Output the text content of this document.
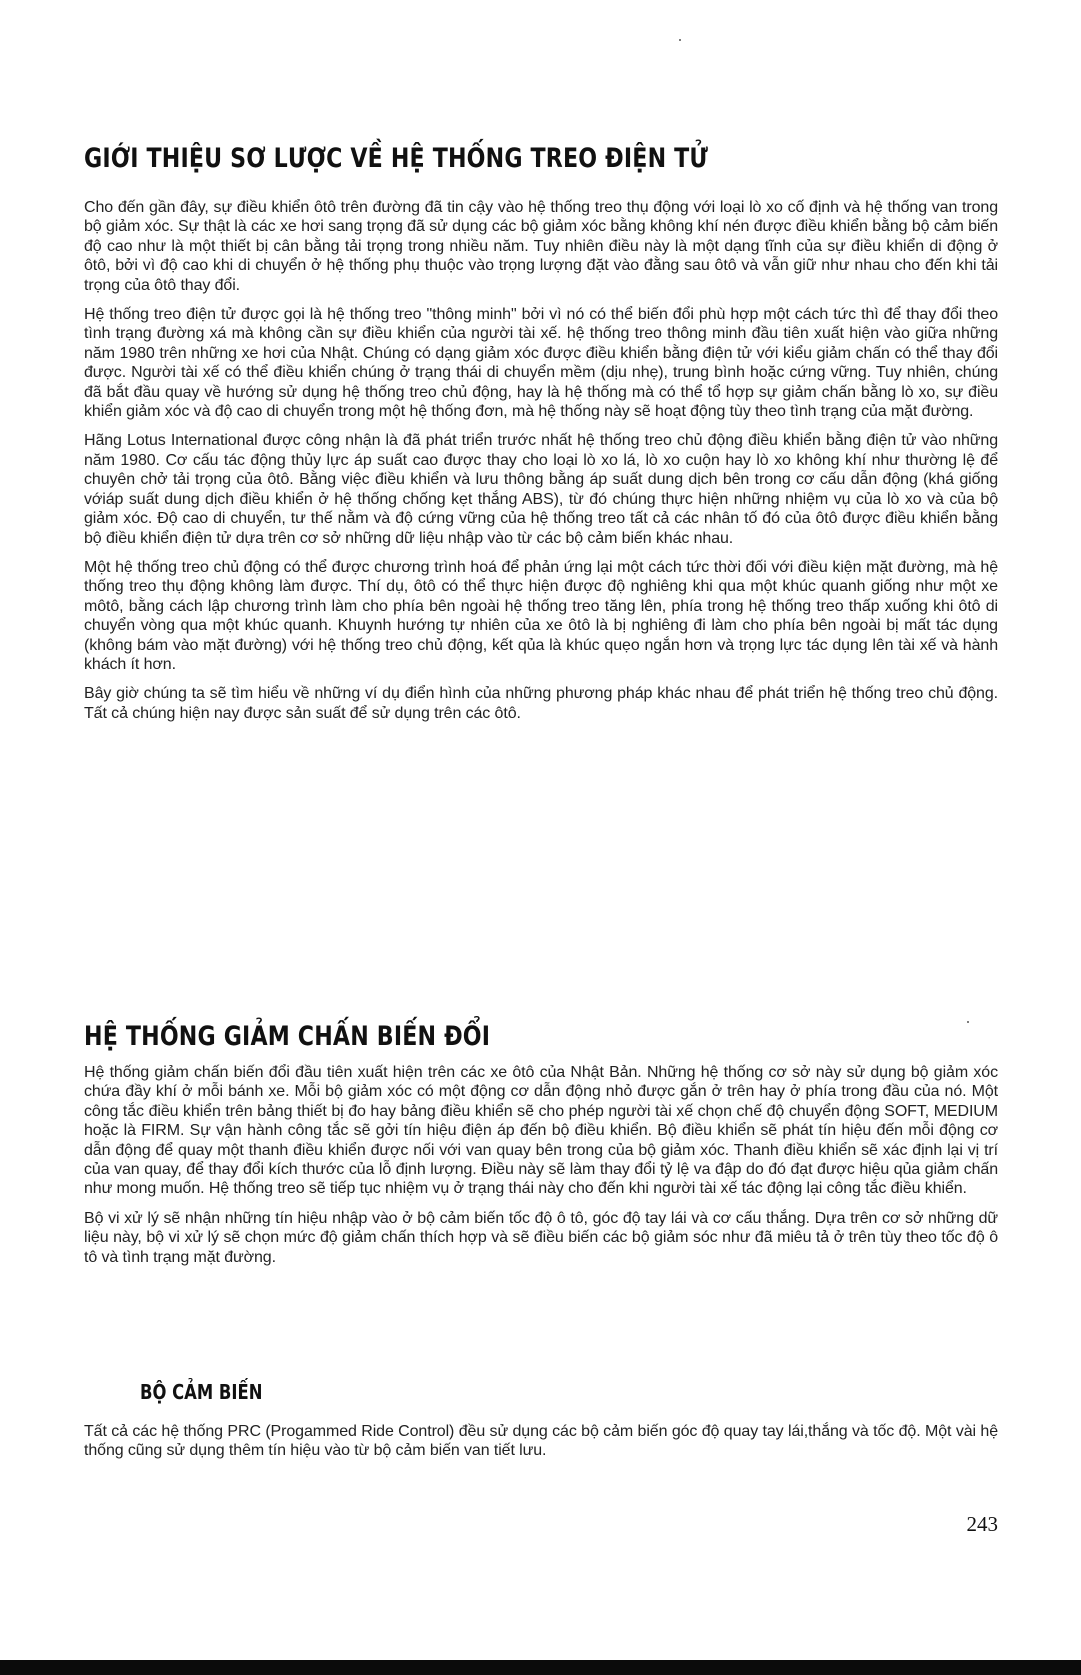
GIỚI THIỆU SƠ LƯỢC VỀ HỆ THỐNG TREO ĐIỆN TỬ

Cho đến gần đây, sự điều khiển ôtô trên đường đã tin cậy vào hệ thống treo thụ động với loại lò xo cố định và hệ thống van trong bộ giảm xóc. Sự thật là các xe hơi sang trọng đã sử dụng các bộ giảm xóc bằng không khí nén được điều khiển bằng bộ cảm biến độ cao như là một thiết bị cân bằng tải trọng trong nhiều năm. Tuy nhiên điều này là một dạng tĩnh của sự điều khiển di động ở ôtô, bởi vì độ cao khi di chuyển ở hệ thống phụ thuộc vào trọng lượng đặt vào đằng sau ôtô và vẫn giữ như nhau cho đến khi tải trọng của ôtô thay đổi.

Hệ thống treo điện tử được gọi là hệ thống treo "thông minh" bởi vì nó có thể biến đổi phù hợp một cách tức thì để thay đổi theo tình trạng đường xá mà không cần sự điều khiển của người tài xế. hệ thống treo thông minh đầu tiên xuất hiện vào giữa những năm 1980 trên những xe hơi của Nhật. Chúng có dạng giảm xóc được điều khiển bằng điện tử với kiểu giảm chấn có thể thay đổi được. Người tài xế có thể điều khiển chúng ở trạng thái di chuyển mềm (dịu nhẹ), trung bình hoặc cứng vững. Tuy nhiên, chúng đã bắt đầu quay về hướng sử dụng hệ thống treo chủ động, hay là hệ thống mà có thể tổ hợp sự giảm chấn bằng lò xo, sự điều khiển giảm xóc và độ cao di chuyển trong một hệ thống đơn, mà hệ thống này sẽ hoạt động tùy theo tình trạng của mặt đường.

Hãng Lotus International được công nhận là đã phát triển trước nhất hệ thống treo chủ động điều khiển bằng điện tử vào những năm 1980. Cơ cấu tác động thủy lực áp suất cao được thay cho loại lò xo lá, lò xo cuộn hay lò xo không khí như thường lệ để chuyên chở tải trọng của ôtô. Bằng việc điều khiển và lưu thông bằng áp suất dung dịch bên trong cơ cấu dẫn động (khá giống vớiáp suất dung dịch điều khiển ở hệ thống chống kẹt thắng ABS), từ đó chúng thực hiện những nhiệm vụ của lò xo và của bộ giảm xóc. Độ cao di chuyển, tư thế nằm và độ cứng vững của hệ thống treo tất cả các nhân tố đó của ôtô được điều khiển bằng bộ điều khiển điện tử dựa trên cơ sở những dữ liệu nhập vào từ các bộ cảm biến khác nhau.

Một hệ thống treo chủ động có thể được chương trình hoá để phản ứng lại một cách tức thời đối với điều kiện mặt đường, mà hệ thống treo thụ động không làm được. Thí dụ, ôtô có thể thực hiện được độ nghiêng khi qua một khúc quanh giống như một xe môtô, bằng cách lập chương trình làm cho phía bên ngoài hệ thống treo tăng lên, phía trong hệ thống treo thấp xuống khi ôtô di chuyển vòng qua một khúc quanh. Khuynh hướng tự nhiên của xe ôtô là bị nghiêng đi làm cho phía bên ngoài bị mất tác dụng (không bám vào mặt đường) với hệ thống treo chủ động, kết qủa là khúc quẹo ngắn hơn và trọng lực tác dụng lên tài xế và hành khách ít hơn.

Bây giờ chúng ta sẽ tìm hiểu về những ví dụ điển hình của những phương pháp khác nhau để phát triển hệ thống treo chủ động. Tất cả chúng hiện nay được sản suất để sử dụng trên các ôtô.

HỆ THỐNG GIẢM CHẤN BIẾN ĐỔI

Hệ thống giảm chấn biến đổi đầu tiên xuất hiện trên các xe ôtô của Nhật Bản. Những hệ thống cơ sở này sử dụng bộ giảm xóc chứa đầy khí ở mỗi bánh xe. Mỗi bộ giảm xóc có một động cơ dẫn động nhỏ được gắn ở trên hay ở phía trong đầu của nó. Một công tắc điều khiển trên bảng thiết bị đo hay bảng điều khiển sẽ cho phép người tài xế chọn chế độ chuyển động SOFT, MEDIUM hoặc là FIRM. Sự vận hành công tắc sẽ gởi tín hiệu điện áp đến bộ điều khiển. Bộ điều khiển sẽ phát tín hiệu đến mỗi động cơ dẫn động để quay một thanh điều khiển được nối với van quay bên trong của bộ giảm xóc. Thanh điều khiển sẽ xác định lại vị trí của van quay, để thay đổi kích thước của lỗ định lượng. Điều này sẽ làm thay đổi tỷ lệ va đập do đó đạt được hiệu qủa giảm chấn như mong muốn. Hệ thống treo sẽ tiếp tục nhiệm vụ ở trạng thái này cho đến khi người tài xế tác động lại công tắc điều khiển.

Bộ vi xử lý sẽ nhận những tín hiệu nhập vào ở bộ cảm biến tốc độ ô tô, góc độ tay lái và cơ cấu thắng. Dựa trên cơ sở những dữ liệu này, bộ vi xử lý sẽ chọn mức độ giảm chấn thích hợp và sẽ điều biến các bộ giảm sóc như đã miêu tả ở trên tùy theo tốc độ ô tô và tình trạng mặt đường.

BỘ CẢM BIẾN

Tất cả các hệ thống PRC (Progammed Ride Control) đều sử dụng các bộ cảm biến góc độ quay tay lái,thắng và tốc độ. Một vài hệ thống cũng sử dụng thêm tín hiệu vào từ bộ cảm biến van tiết lưu.

243
